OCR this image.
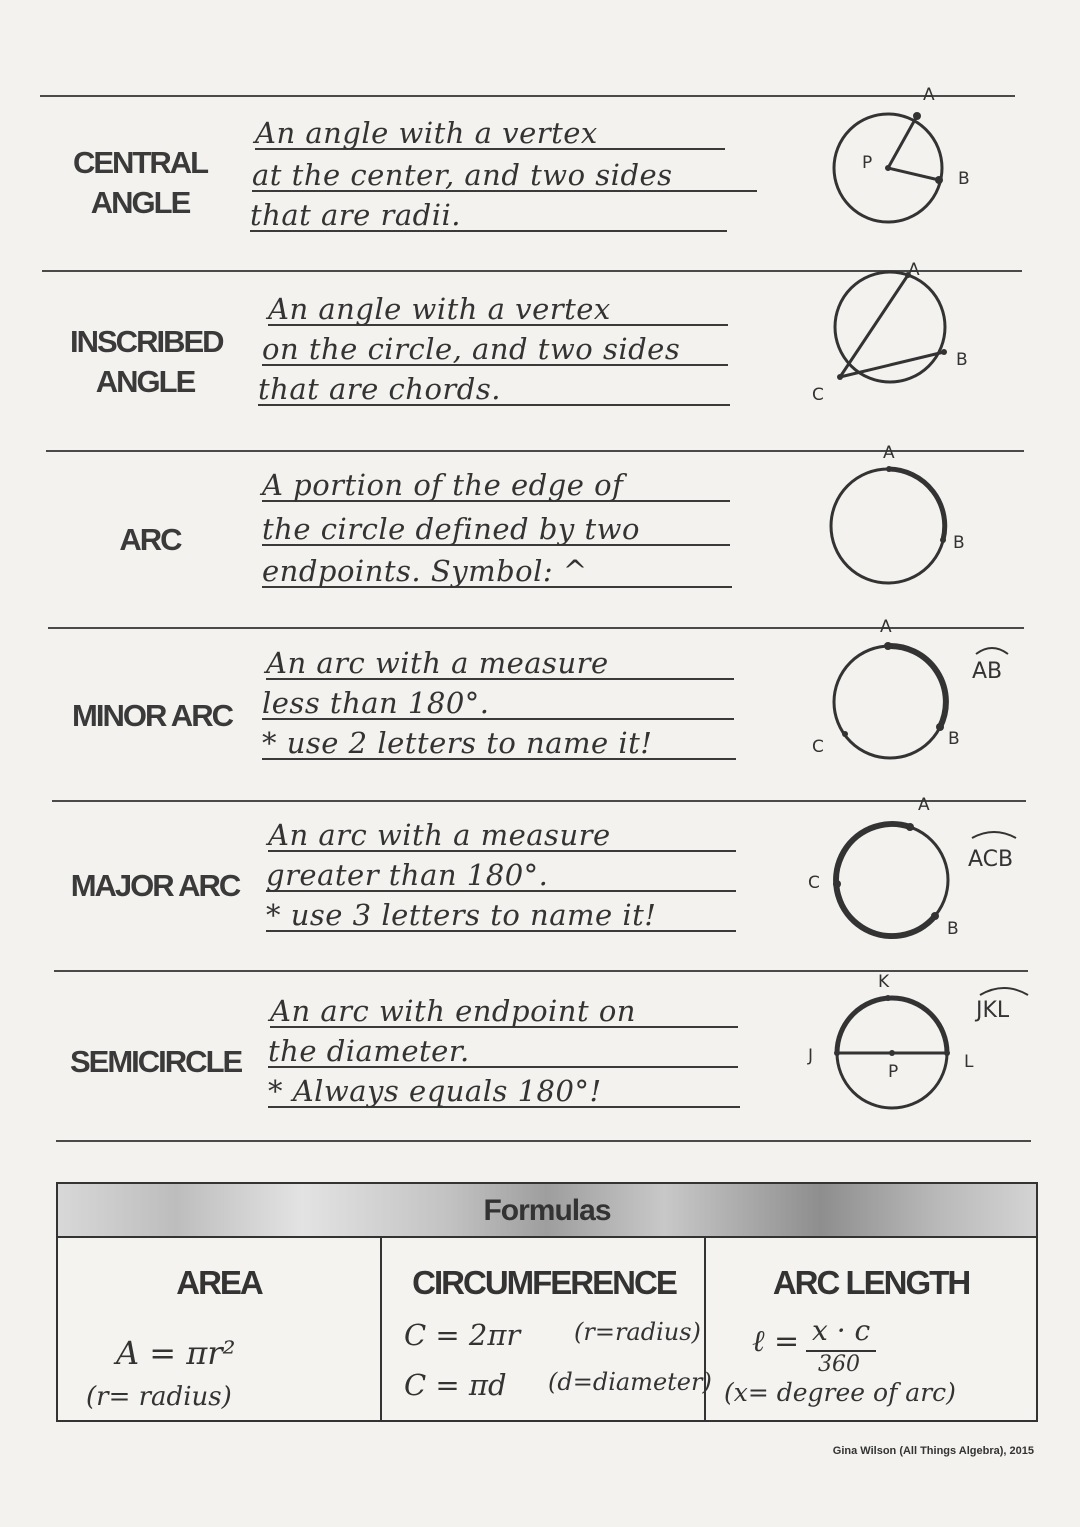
CENTRAL
ANGLE
An angle with a vertex
at the center, and two sides
that are radii.
A
P
B
INSCRIBED
ANGLE
An angle with a vertex
on the circle, and two sides
that are chords.
A
B
C
ARC
A portion of the edge of
the circle defined by two
endpoints. Symbol: ^
A
B
MINOR ARC
An arc with a measure
less than 180°.
* use 2 letters to name it!
A
B
C
AB
MAJOR ARC
An arc with a measure
greater than 180°.
* use 3 letters to name it!
A
B
C
ACB
SEMICIRCLE
An arc with endpoint on
the diameter.
* Always equals 180°!
K
J	L
P
JKL
Formulas
AREA
A = πr²
(r= radius)
CIRCUMFERENCE
C = 2πr (r=radius)
C = πd (d=diameter)
ARC LENGTH
ℓ = x · c
360
(x= degree of arc)
Gina Wilson (All Things Algebra), 2015
